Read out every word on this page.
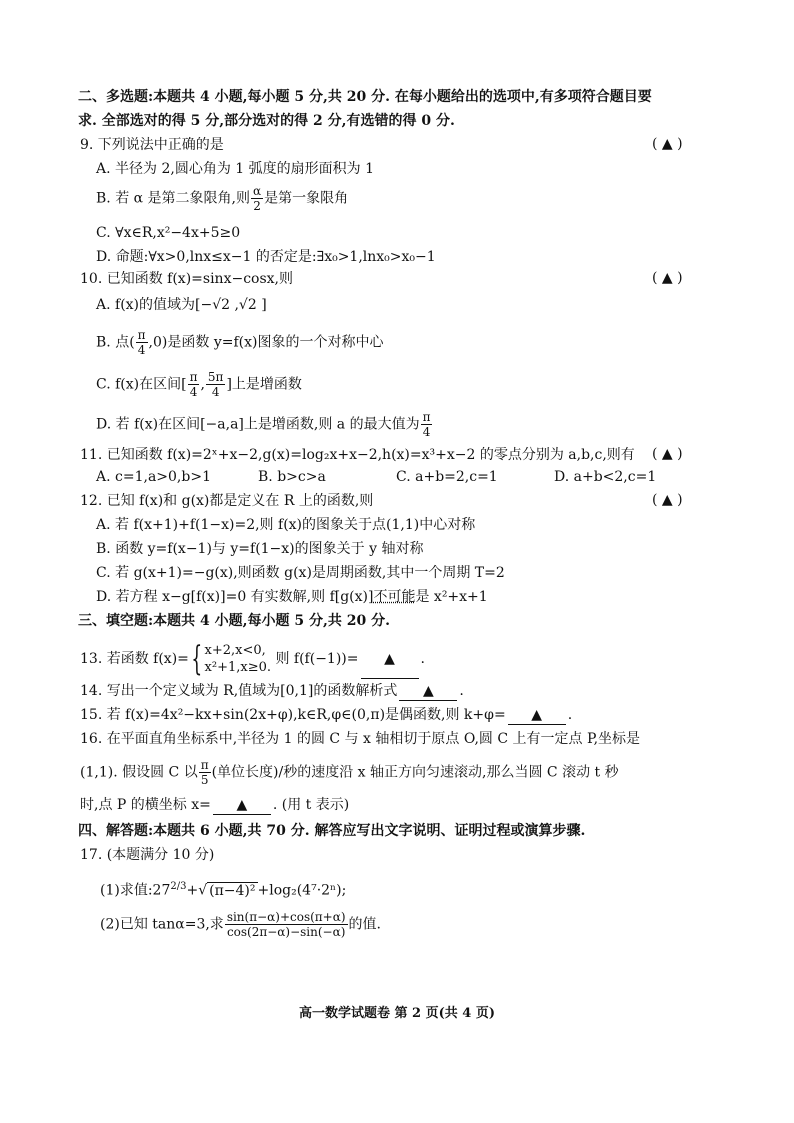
二、多选题:本题共 4 小题,每小题 5 分,共 20 分. 在每小题给出的选项中,有多项符合题目要
求. 全部选对的得 5 分,部分选对的得 2 分,有选错的得 0 分.
9. 下列说法中正确的是	( ▲ )
A. 半径为 2,圆心角为 1 弧度的扇形面积为 1
B. 若 α 是第二象限角,则 $\frac{\alpha}{2}$ 是第一象限角
C. ∀x∈R,x²−4x+5≥0
D. 命题:∀x>0,lnx≤x−1 的否定是:∃x₀>1,lnx₀>x₀−1
10. 已知函数 f(x)=sinx−cosx,则	( ▲ )
A. f(x)的值域为[−√2 ,√2 ]
B. 点( $\frac{\pi}{4} ,0$)是函数 y=f(x)图象的一个对称中心
C. f(x)在区间[ $\frac{\pi}{4}$ , $\frac{5\pi}{4}$ ]上是增函数
D. 若 f(x)在区间[−a,a]上是增函数,则 a 的最大值为 $\frac{\pi}{4}$
11. 已知函数 f(x)=2ˣ+x−2,g(x)=log₂x+x−2,h(x)=x³+x−2 的零点分别为 a,b,c,则有 ( ▲ )
A. c=1,a>0,b>1	B. b>c>a	C. a+b=2,c=1	D. a+b<2,c=1
12. 已知 f(x)和 g(x)都是定义在 R 上的函数,则	( ▲ )
A. 若 f(x+1)+f(1−x)=2,则 f(x)的图象关于点(1,1)中心对称
B. 函数 y=f(x−1)与 y=f(1−x)的图象关于 y 轴对称
C. 若 g(x+1)=−g(x),则函数 g(x)是周期函数,其中一个周期 T=2
D. 若方程 x−g[f(x)]=0 有实数解,则 f[g(x)]不可能是 x²+x+1
三、填空题:本题共 4 小题,每小题 5 分,共 20 分.
13. 若函数 f(x)={ x+2,x<0,
x²+1,x≥0.
则 f(f(−1))= ▲ .
14. 写出一个定义域为 R,值域为[0,1]的函数解析式 ▲ .
15. 若 f(x)=4x²−kx+sin(2x+φ),k∈R,φ∈(0,π)是偶函数,则 k+φ= ▲ .
16. 在平面直角坐标系中,半径为 1 的圆 C 与 x 轴相切于原点 O,圆 C 上有一定点 P,坐标是
(1,1). 假设圆 C 以 $\frac{\pi}{5}$ (单位长度)/秒的速度沿 x 轴正方向匀速滚动,那么当圆 C 滚动 t 秒
时,点 P 的横坐标 x= ▲ . (用 t 表示)
四、解答题:本题共 6 小题,共 70 分. 解答应写出文字说明、证明过程或演算步骤.
17. (本题满分 10 分)
(1)求值$:27^{2/3}+√$ (π−4)² +log₂(4⁷·2ⁿ);
(2)已知 tanα=3,求 $\frac{\sin(\pi-\alpha)+\cos(\pi+\alpha)}{\cos(2\pi-\alpha)-\sin(-\alpha)}$ 的值.
高一数学试题卷 第 2 页(共 4 页)
